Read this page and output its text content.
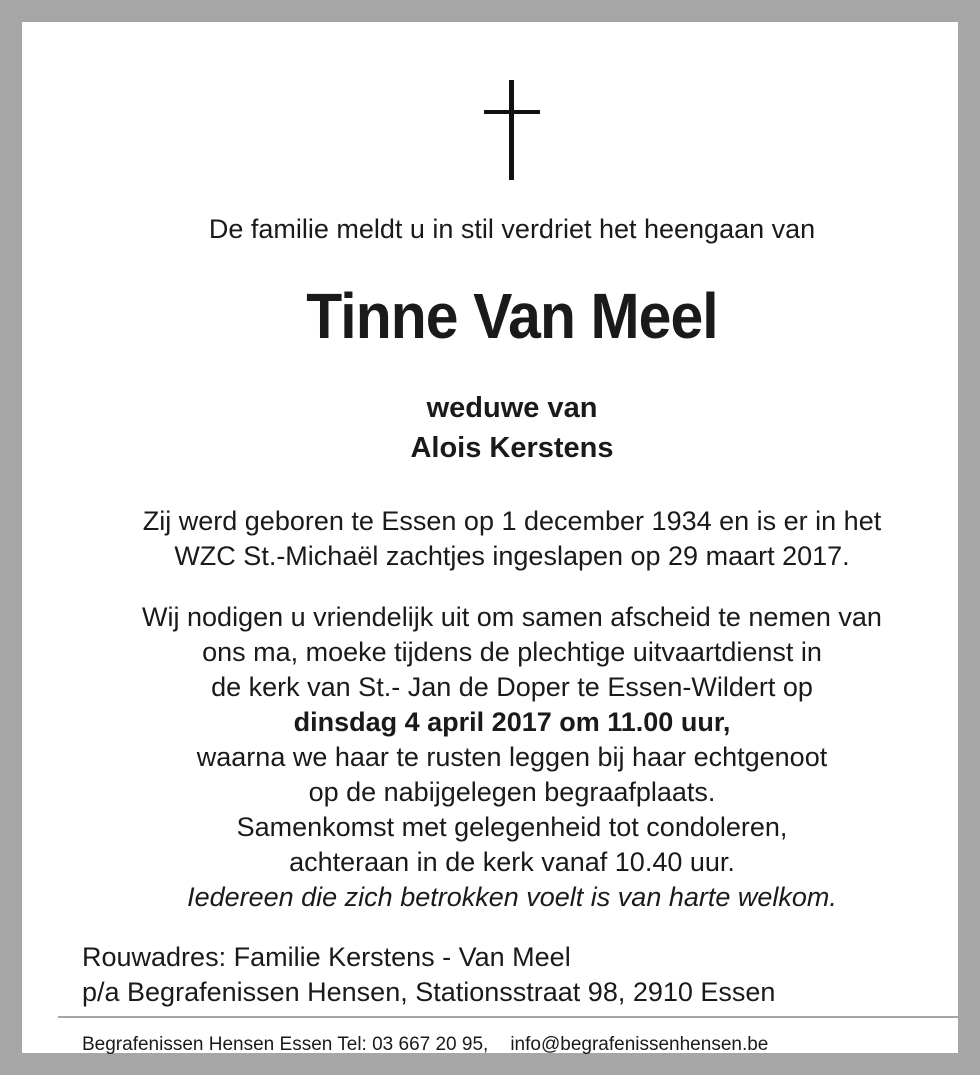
De familie meldt u in stil verdriet het heengaan van
Tinne Van Meel
weduwe van
Alois Kerstens
Zij werd geboren te Essen op 1 december 1934 en is er in het
WZC St.-Michaël zachtjes ingeslapen op 29 maart 2017.
Wij nodigen u vriendelijk uit om samen afscheid te nemen van
ons ma, moeke tijdens de plechtige uitvaartdienst in
de kerk van St.- Jan de Doper te Essen-Wildert op
dinsdag 4 april 2017 om 11.00 uur,
waarna we haar te rusten leggen bij haar echtgenoot
op de nabijgelegen begraafplaats.
Samenkomst met gelegenheid tot condoleren,
achteraan in de kerk vanaf 10.40 uur.
Iedereen die zich betrokken voelt is van harte welkom.
Rouwadres: Familie Kerstens - Van Meel
p/a Begrafenissen Hensen, Stationsstraat 98, 2910 Essen
Begrafenissen Hensen Essen Tel: 03 667 20 95, info@begrafenissenhensen.be
